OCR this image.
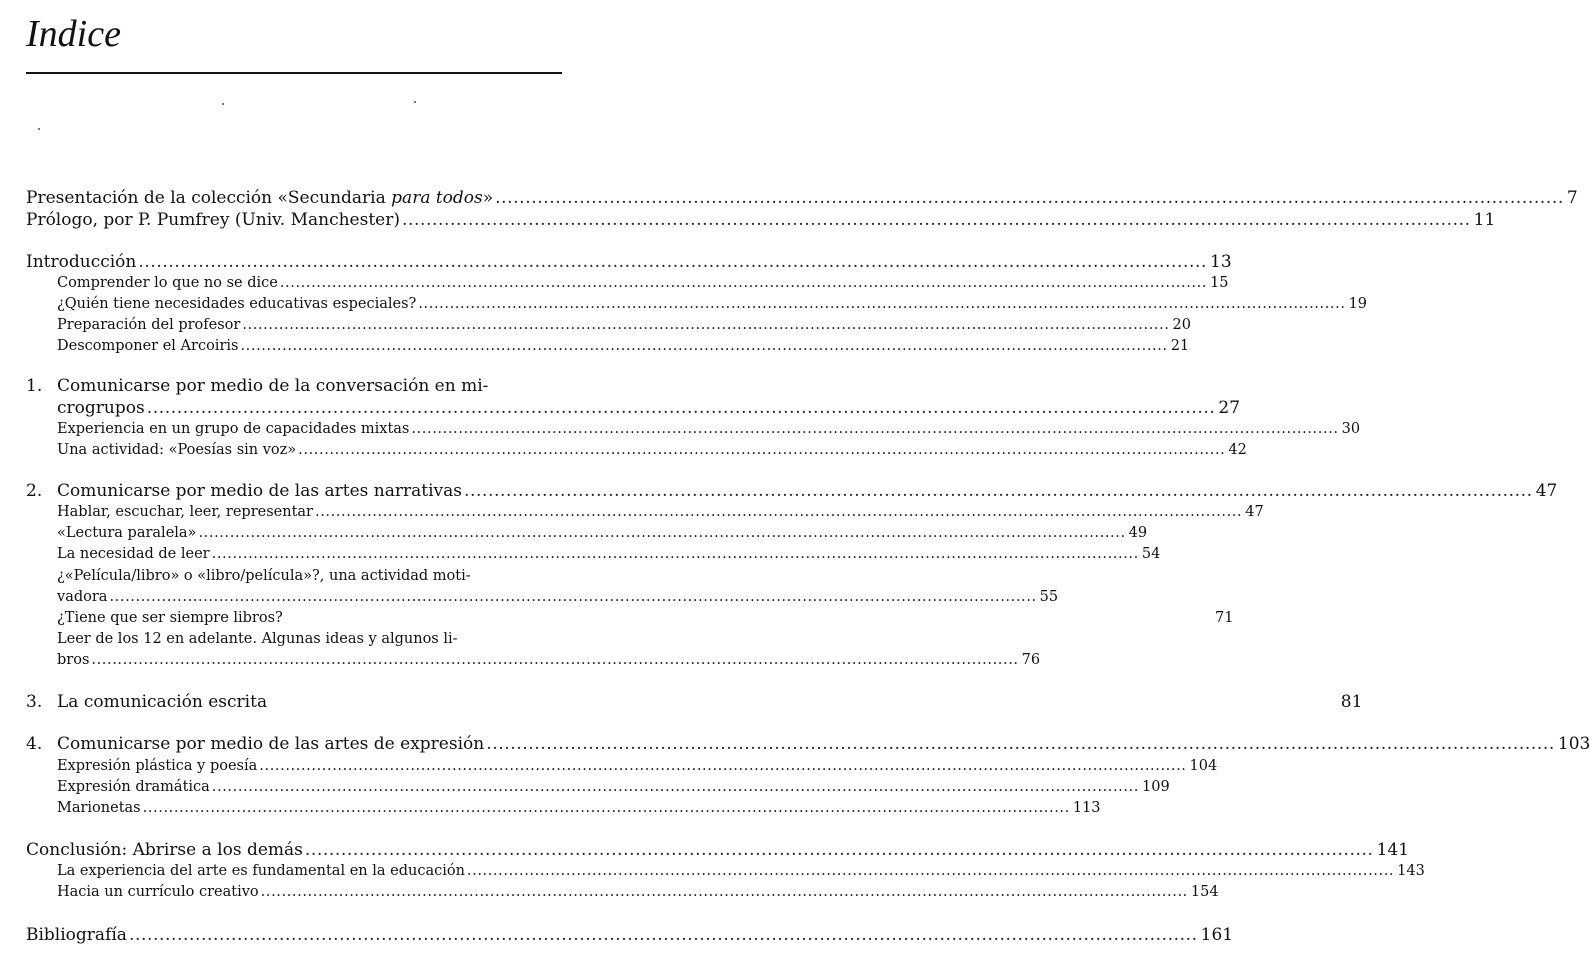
Indice
Presentación de la colección «Secundaria para todos» .................................................................................................................................................................................. 7
Prólogo, por P. Pumfrey (Univ. Manchester) .................................................................................................................................................................................. 11
Introducción .................................................................................................................................................................................. 13
Comprender lo que no se dice .................................................................................................................................................................................. 15
¿Quién tiene necesidades educativas especiales? .................................................................................................................................................................................. 19
Preparación del profesor .................................................................................................................................................................................. 20
Descomponer el Arcoiris .................................................................................................................................................................................. 21
1. Comunicarse por medio de la conversación en mi-
crogrupos .................................................................................................................................................................................. 27
Experiencia en un grupo de capacidades mixtas .................................................................................................................................................................................. 30
Una actividad: «Poesías sin voz» .................................................................................................................................................................................. 42
2. Comunicarse por medio de las artes narrativas .................................................................................................................................................................................. 47
Hablar, escuchar, leer, representar .................................................................................................................................................................................. 47
«Lectura paralela» .................................................................................................................................................................................. 49
La necesidad de leer .................................................................................................................................................................................. 54
¿«Película/libro» o «libro/película»?, una actividad moti-
vadora .................................................................................................................................................................................. 55
¿Tiene que ser siempre libros?	71
Leer de los 12 en adelante. Algunas ideas y algunos li-
bros .................................................................................................................................................................................. 76
3. La comunicación escrita	81
4. Comunicarse por medio de las artes de expresión .................................................................................................................................................................................. 103
Expresión plástica y poesía .................................................................................................................................................................................. 104
Expresión dramática .................................................................................................................................................................................. 109
Marionetas .................................................................................................................................................................................. 113
Conclusión: Abrirse a los demás .................................................................................................................................................................................. 141
La experiencia del arte es fundamental en la educación .................................................................................................................................................................................. 143
Hacia un currículo creativo .................................................................................................................................................................................. 154
Bibliografía .................................................................................................................................................................................. 161
